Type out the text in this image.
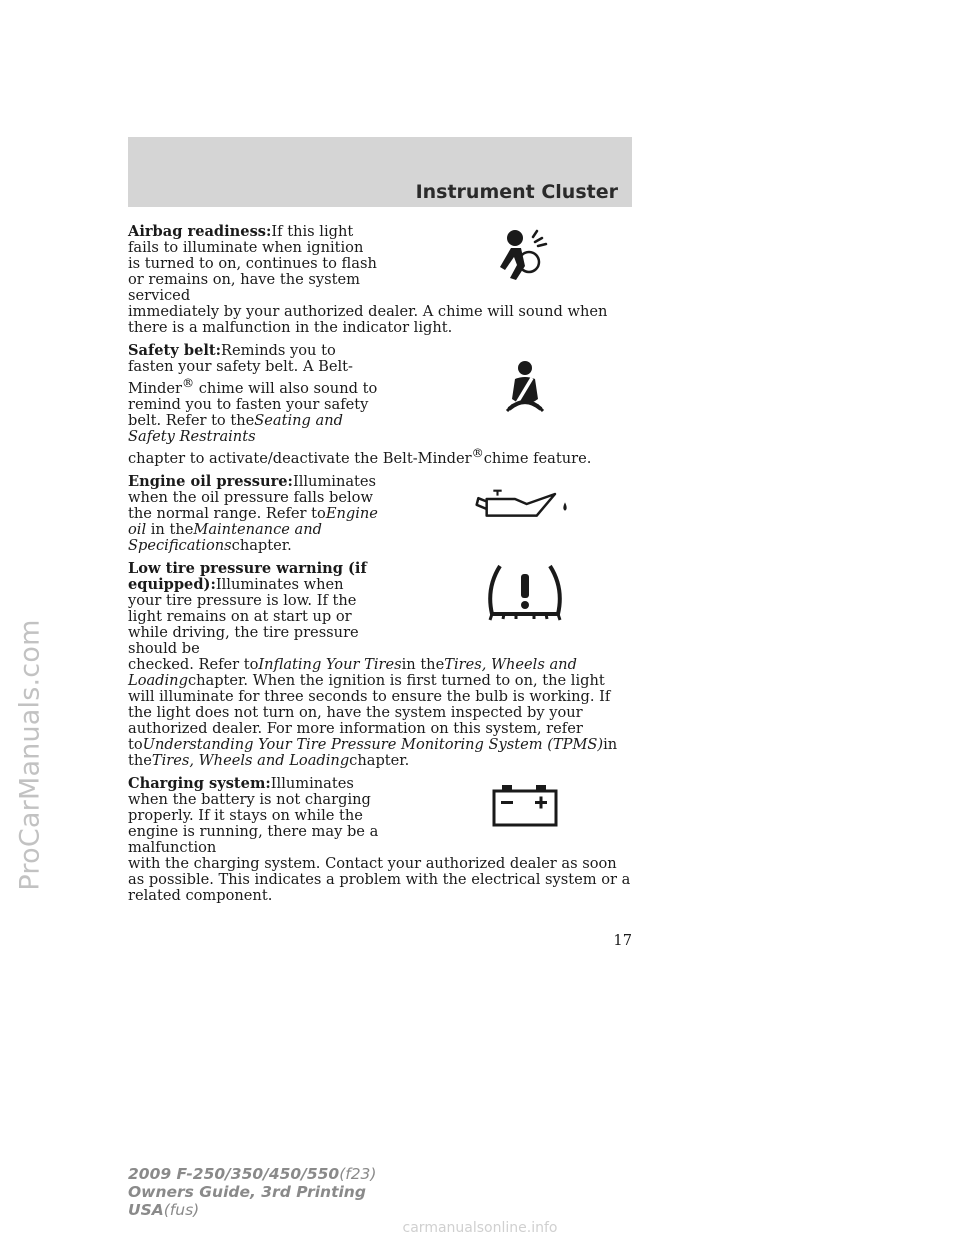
Instrument Cluster
Airbag readiness:If this light fails to illuminate when ignition is turned to on, continues to flash or remains on, have the system serviced
immediately by your authorized dealer. A chime will sound when there is a malfunction in the indicator light.
Safety belt:Reminds you to fasten your safety belt. A Belt-Minder® chime will also sound to remind you to fasten your safety belt. Refer to theSeating and Safety Restraints
chapter to activate/deactivate the Belt-Minder®chime feature.
Engine oil pressure:Illuminates when the oil pressure falls below the normal range. Refer toEngine oil in theMaintenance and Specificationschapter.
Low tire pressure warning (if equipped):Illuminates when your tire pressure is low. If the light remains on at start up or while driving, the tire pressure should be
checked. Refer toInflating Your Tiresin theTires, Wheels and Loadingchapter. When the ignition is first turned to on, the light will illuminate for three seconds to ensure the bulb is working. If the light does not turn on, have the system inspected by your authorized dealer. For more information on this system, refer toUnderstanding Your Tire Pressure Monitoring System (TPMS)in theTires, Wheels and Loadingchapter.
Charging system:Illuminates when the battery is not charging properly. If it stays on while the engine is running, there may be a malfunction
with the charging system. Contact your authorized dealer as soon as possible. This indicates a problem with the electrical system or a related component.
17
2009 F-250/350/450/550(f23)
Owners Guide, 3rd Printing
USA(fus)
ProCarManuals.com
carmanualsonline.info
